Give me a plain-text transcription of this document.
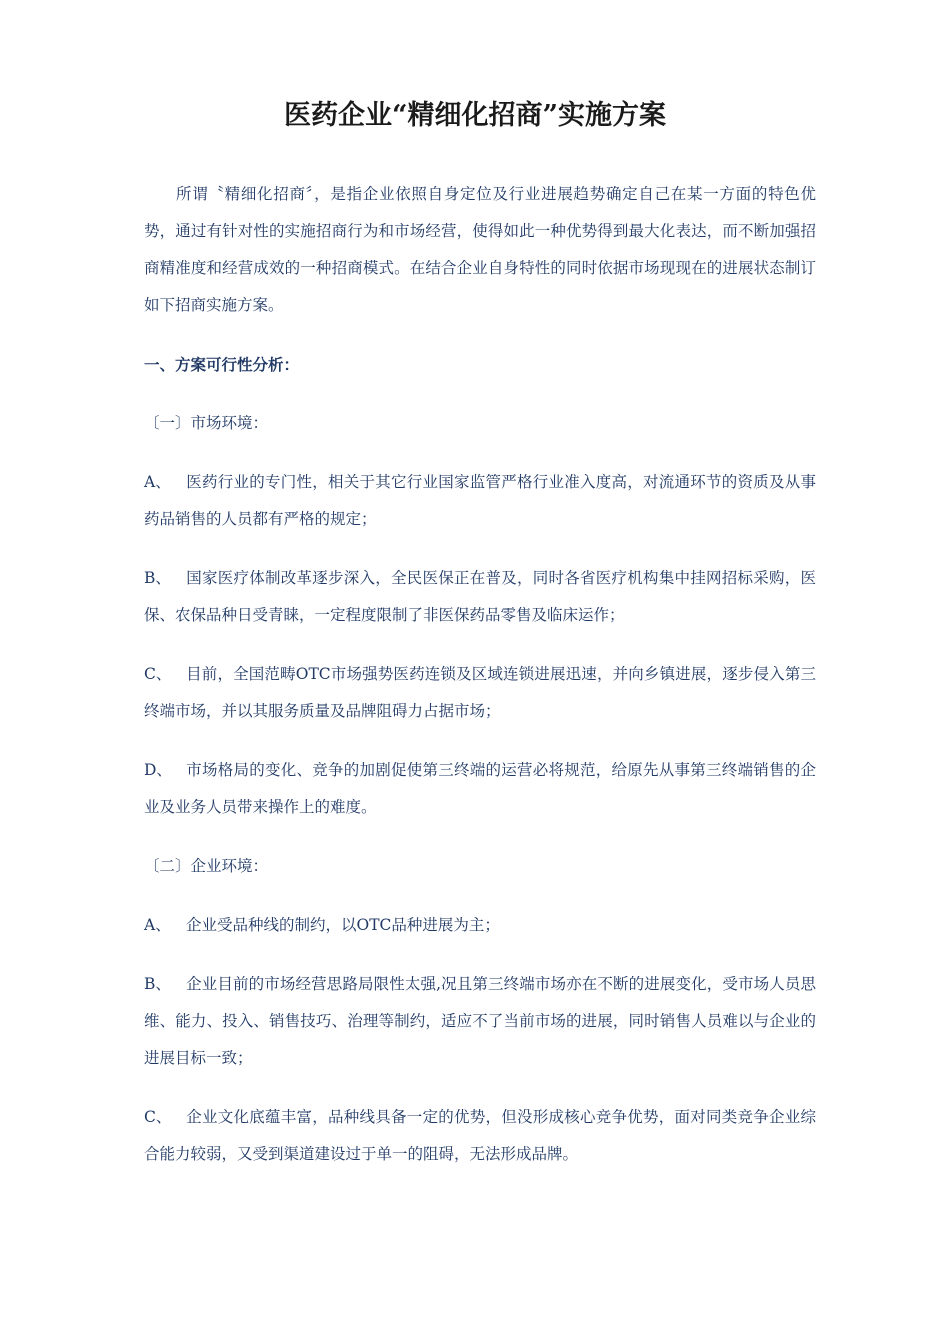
医药企业“精细化招商”实施方案

所谓〝精细化招商〞，是指企业依照自身定位及行业进展趋势确定自己在某一方面的特色优势，通过有针对性的实施招商行为和市场经营，使得如此一种优势得到最大化表达，而不断加强招商精准度和经营成效的一种招商模式。在结合企业自身特性的同时依据市场现现在的进展状态制订如下招商实施方案。

一、方案可行性分析：

〔一〕市场环境：

A、 医药行业的专门性，相关于其它行业国家监管严格行业准入度高，对流通环节的资质及从事药品销售的人员都有严格的规定；

B、 国家医疗体制改革逐步深入，全民医保正在普及，同时各省医疗机构集中挂网招标采购，医保、农保品种日受青睐，一定程度限制了非医保药品零售及临床运作；

C、 目前，全国范畴OTC市场强势医药连锁及区域连锁进展迅速，并向乡镇进展，逐步侵入第三终端市场，并以其服务质量及品牌阻碍力占据市场；

D、 市场格局的变化、竞争的加剧促使第三终端的运营必将规范，给原先从事第三终端销售的企业及业务人员带来操作上的难度。

〔二〕企业环境：

A、 企业受品种线的制约，以OTC品种进展为主；

B、 企业目前的市场经营思路局限性太强,况且第三终端市场亦在不断的进展变化，受市场人员思维、能力、投入、销售技巧、治理等制约，适应不了当前市场的进展，同时销售人员难以与企业的进展目标一致；

C、 企业文化底蕴丰富，品种线具备一定的优势，但没形成核心竞争优势，面对同类竞争企业综合能力较弱，又受到渠道建设过于单一的阻碍，无法形成品牌。
